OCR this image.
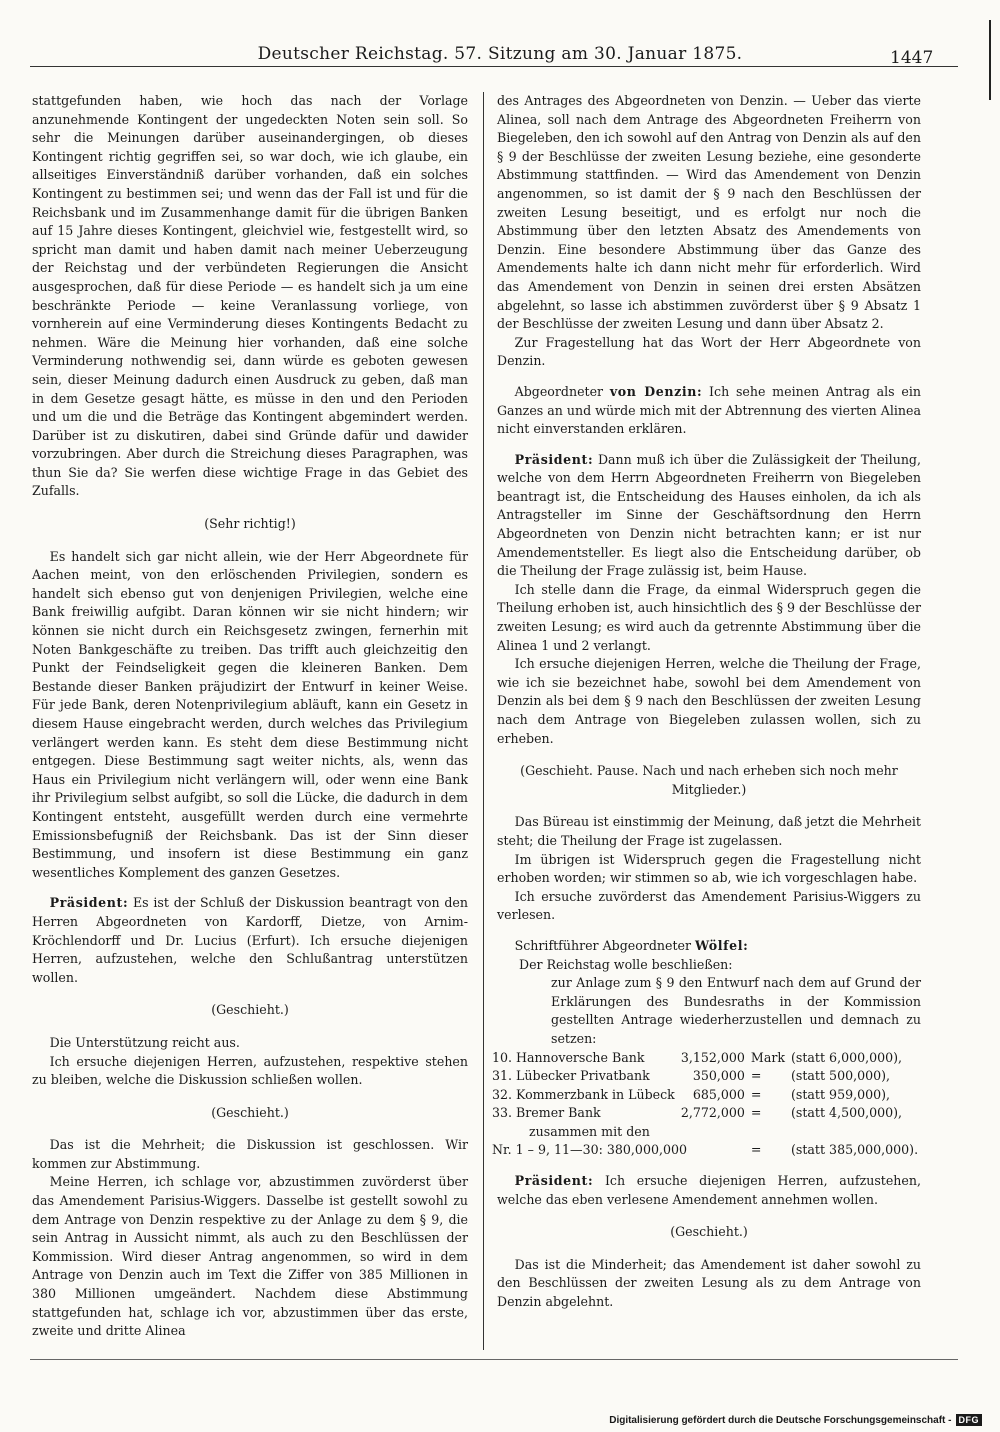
Deutscher Reichstag. 57. Sitzung am 30. Januar 1875.	1447

stattgefunden haben, wie hoch das nach der Vorlage anzunehmende Kontingent der ungedeckten Noten sein soll. So sehr die Meinungen darüber auseinandergingen, ob dieses Kontingent richtig gegriffen sei, so war doch, wie ich glaube, ein allseitiges Einverständniß darüber vorhanden, daß ein solches Kontingent zu bestimmen sei; und wenn das der Fall ist und für die Reichsbank und im Zusammenhange damit für die übrigen Banken auf 15 Jahre dieses Kontingent, gleichviel wie, festgestellt wird, so spricht man damit und haben damit nach meiner Ueberzeugung der Reichstag und der verbündeten Regierungen die Ansicht ausgesprochen, daß für diese Periode — es handelt sich ja um eine beschränkte Periode — keine Veranlassung vorliege, von vornherein auf eine Verminderung dieses Kontingents Bedacht zu nehmen. Wäre die Meinung hier vorhanden, daß eine solche Verminderung nothwendig sei, dann würde es geboten gewesen sein, dieser Meinung dadurch einen Ausdruck zu geben, daß man in dem Gesetze gesagt hätte, es müsse in den und den Perioden und um die und die Beträge das Kontingent abgemindert werden. Darüber ist zu diskutiren, dabei sind Gründe dafür und dawider vorzubringen. Aber durch die Streichung dieses Paragraphen, was thun Sie da? Sie werfen diese wichtige Frage in das Gebiet des Zufalls.

(Sehr richtig!)

Es handelt sich gar nicht allein, wie der Herr Abgeordnete für Aachen meint, von den erlöschenden Privilegien, sondern es handelt sich ebenso gut von denjenigen Privilegien, welche eine Bank freiwillig aufgibt. Daran können wir sie nicht hindern; wir können sie nicht durch ein Reichsgesetz zwingen, fernerhin mit Noten Bankgeschäfte zu treiben. Das trifft auch gleichzeitig den Punkt der Feindseligkeit gegen die kleineren Banken. Dem Bestande dieser Banken präjudizirt der Entwurf in keiner Weise. Für jede Bank, deren Notenprivilegium abläuft, kann ein Gesetz in diesem Hause eingebracht werden, durch welches das Privilegium verlängert werden kann. Es steht dem diese Bestimmung nicht entgegen. Diese Bestimmung sagt weiter nichts, als, wenn das Haus ein Privilegium nicht verlängern will, oder wenn eine Bank ihr Privilegium selbst aufgibt, so soll die Lücke, die dadurch in dem Kontingent entsteht, ausgefüllt werden durch eine vermehrte Emissionsbefugniß der Reichsbank. Das ist der Sinn dieser Bestimmung, und insofern ist diese Bestimmung ein ganz wesentliches Komplement des ganzen Gesetzes.

Präsident: Es ist der Schluß der Diskussion beantragt von den Herren Abgeordneten von Kardorff, Dietze, von Arnim-Kröchlendorff und Dr. Lucius (Erfurt). Ich ersuche diejenigen Herren, aufzustehen, welche den Schlußantrag unterstützen wollen.

(Geschieht.)

Die Unterstützung reicht aus.

Ich ersuche diejenigen Herren, aufzustehen, respektive stehen zu bleiben, welche die Diskussion schließen wollen.

(Geschieht.)

Das ist die Mehrheit; die Diskussion ist geschlossen. Wir kommen zur Abstimmung.

Meine Herren, ich schlage vor, abzustimmen zuvörderst über das Amendement Parisius-Wiggers. Dasselbe ist gestellt sowohl zu dem Antrage von Denzin respektive zu der Anlage zu dem § 9, die sein Antrag in Aussicht nimmt, als auch zu den Beschlüssen der Kommission. Wird dieser Antrag angenommen, so wird in dem Antrage von Denzin auch im Text die Ziffer von 385 Millionen in 380 Millionen umgeändert. Nachdem diese Abstimmung stattgefunden hat, schlage ich vor, abzustimmen über das erste, zweite und dritte Alinea

des Antrages des Abgeordneten von Denzin. — Ueber das vierte Alinea, soll nach dem Antrage des Abgeordneten Freiherrn von Biegeleben, den ich sowohl auf den Antrag von Denzin als auf den § 9 der Beschlüsse der zweiten Lesung beziehe, eine gesonderte Abstimmung stattfinden. — Wird das Amendement von Denzin angenommen, so ist damit der § 9 nach den Beschlüssen der zweiten Lesung beseitigt, und es erfolgt nur noch die Abstimmung über den letzten Absatz des Amendements von Denzin. Eine besondere Abstimmung über das Ganze des Amendements halte ich dann nicht mehr für erforderlich. Wird das Amendement von Denzin in seinen drei ersten Absätzen abgelehnt, so lasse ich abstimmen zuvörderst über § 9 Absatz 1 der Beschlüsse der zweiten Lesung und dann über Absatz 2.

Zur Fragestellung hat das Wort der Herr Abgeordnete von Denzin.

Abgeordneter von Denzin: Ich sehe meinen Antrag als ein Ganzes an und würde mich mit der Abtrennung des vierten Alinea nicht einverstanden erklären.

Präsident: Dann muß ich über die Zulässigkeit der Theilung, welche von dem Herrn Abgeordneten Freiherrn von Biegeleben beantragt ist, die Entscheidung des Hauses einholen, da ich als Antragsteller im Sinne der Geschäftsordnung den Herrn Abgeordneten von Denzin nicht betrachten kann; er ist nur Amendementsteller. Es liegt also die Entscheidung darüber, ob die Theilung der Frage zulässig ist, beim Hause.

Ich stelle dann die Frage, da einmal Widerspruch gegen die Theilung erhoben ist, auch hinsichtlich des § 9 der Beschlüsse der zweiten Lesung; es wird auch da getrennte Abstimmung über die Alinea 1 und 2 verlangt.

Ich ersuche diejenigen Herren, welche die Theilung der Frage, wie ich sie bezeichnet habe, sowohl bei dem Amendement von Denzin als bei dem § 9 nach den Beschlüssen der zweiten Lesung nach dem Antrage von Biegeleben zulassen wollen, sich zu erheben.

(Geschieht. Pause. Nach und nach erheben sich noch mehr Mitglieder.)

Das Büreau ist einstimmig der Meinung, daß jetzt die Mehrheit steht; die Theilung der Frage ist zugelassen.

Im übrigen ist Widerspruch gegen die Fragestellung nicht erhoben worden; wir stimmen so ab, wie ich vorgeschlagen habe.

Ich ersuche zuvörderst das Amendement Parisius-Wiggers zu verlesen.

Schriftführer Abgeordneter Wölfel:

Der Reichstag wolle beschließen:

zur Anlage zum § 9 den Entwurf nach dem auf Grund der Erklärungen des Bundesraths in der Kommission gestellten Antrage wiederherzustellen und demnach zu setzen:

10. Hannoversche Bank	3,152,000	Mark	(statt 6,000,000),
31. Lübecker Privatbank	350,000	=	(statt 500,000),
32. Kommerzbank in Lübeck	685,000	=	(statt 959,000),
33. Bremer Bank	2,772,000	=	(statt 4,500,000),
zusammen mit den			
Nr. 1 – 9, 11—30: 380,000,000		=	(statt 385,000,000).

Präsident: Ich ersuche diejenigen Herren, aufzustehen, welche das eben verlesene Amendement annehmen wollen.

(Geschieht.)

Das ist die Minderheit; das Amendement ist daher sowohl zu den Beschlüssen der zweiten Lesung als zu dem Antrage von Denzin abgelehnt.

Digitalisierung gefördert durch die Deutsche Forschungsgemeinschaft - DFG
